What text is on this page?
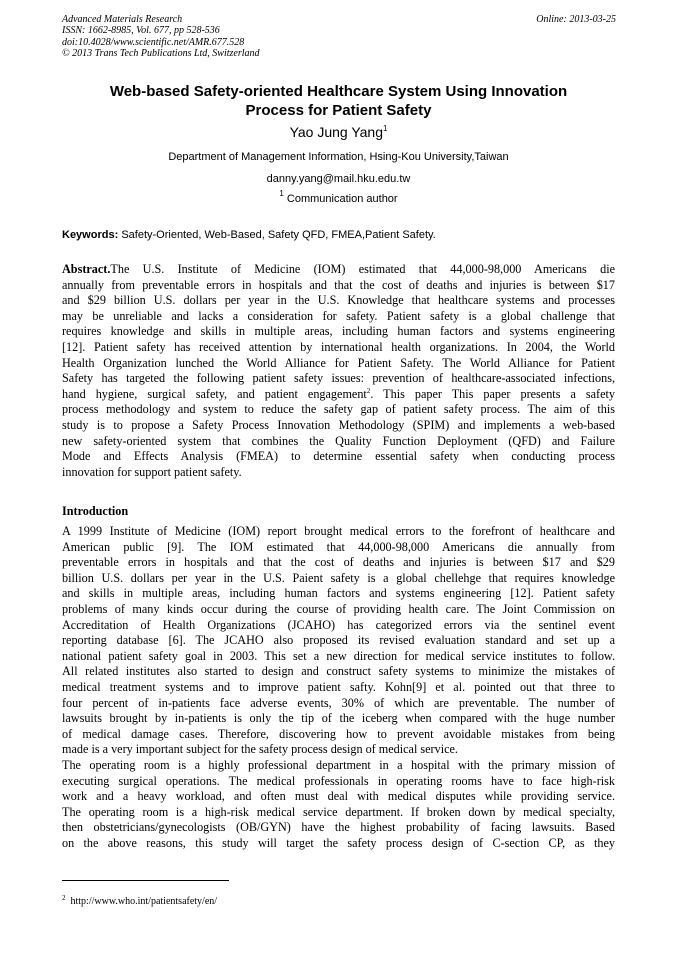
Advanced Materials Research
ISSN: 1662-8985, Vol. 677, pp 528-536
doi:10.4028/www.scientific.net/AMR.677.528
© 2013 Trans Tech Publications Ltd, Switzerland
Online: 2013-03-25
Web-based Safety-oriented Healthcare System Using Innovation
Process for Patient Safety
Yao Jung Yang$^1$
Department of Management Information, Hsing-Kou University,Taiwan
danny.yang@mail.hku.edu.tw
$^1$ Communication author
Keywords: Safety-Oriented, Web-Based, Safety QFD, FMEA,Patient Safety.
Abstract.The U.S. Institute of Medicine (IOM) estimated that 44,000-98,000 Americans die
annually from preventable errors in hospitals and that the cost of deaths and injuries is between $17
and $29 billion U.S. dollars per year in the U.S. Knowledge that healthcare systems and processes
may be unreliable and lacks a consideration for safety. Patient safety is a global challenge that
requires knowledge and skills in multiple areas, including human factors and systems engineering
[12]. Patient safety has received attention by international health organizations. In 2004, the World
Health Organization lunched the World Alliance for Patient Safety. The World Alliance for Patient
Safety has targeted the following patient safety issues: prevention of healthcare-associated infections,
hand hygiene, surgical safety, and patient engagement$^2$. This paper This paper presents a safety
process methodology and system to reduce the safety gap of patient safety process. The aim of this
study is to propose a Safety Process Innovation Methodology (SPIM) and implements a web-based
new safety-oriented system that combines the Quality Function Deployment (QFD) and Failure
Mode and Effects Analysis (FMEA) to determine essential safety when conducting process
innovation for support patient safety.
Introduction
A 1999 Institute of Medicine (IOM) report brought medical errors to the forefront of healthcare and
American public [9]. The IOM estimated that 44,000-98,000 Americans die annually from
preventable errors in hospitals and that the cost of deaths and injuries is between $17 and $29
billion U.S. dollars per year in the U.S. Paient safety is a global chellehge that requires knowledge
and skills in multiple areas, including human factors and systems engineering [12]. Patient safety
problems of many kinds occur during the course of providing health care. The Joint Commission on
Accreditation of Health Organizations (JCAHO) has categorized errors via the sentinel event
reporting database [6]. The JCAHO also proposed its revised evaluation standard and set up a
national patient safety goal in 2003. This set a new direction for medical service institutes to follow.
All related institutes also started to design and construct safety systems to minimize the mistakes of
medical treatment systems and to improve patient safty. Kohn[9] et al. pointed out that three to
four percent of in-patients face adverse events, 30% of which are preventable. The number of
lawsuits brought by in-patients is only the tip of the iceberg when compared with the huge number
of medical damage cases. Therefore, discovering how to prevent avoidable mistakes from being
made is a very important subject for the safety process design of medical service.
The operating room is a highly professional department in a hospital with the primary mission of
executing surgical operations. The medical professionals in operating rooms have to face high-risk
work and a heavy workload, and often must deal with medical disputes while providing service.
The operating room is a high-risk medical service department. If broken down by medical specialty,
then obstetricians/gynecologists (OB/GYN) have the highest probability of facing lawsuits. Based
on the above reasons, this study will target the safety process design of C-section CP, as they
$^2$ http://www.who.int/patientsafety/en/
